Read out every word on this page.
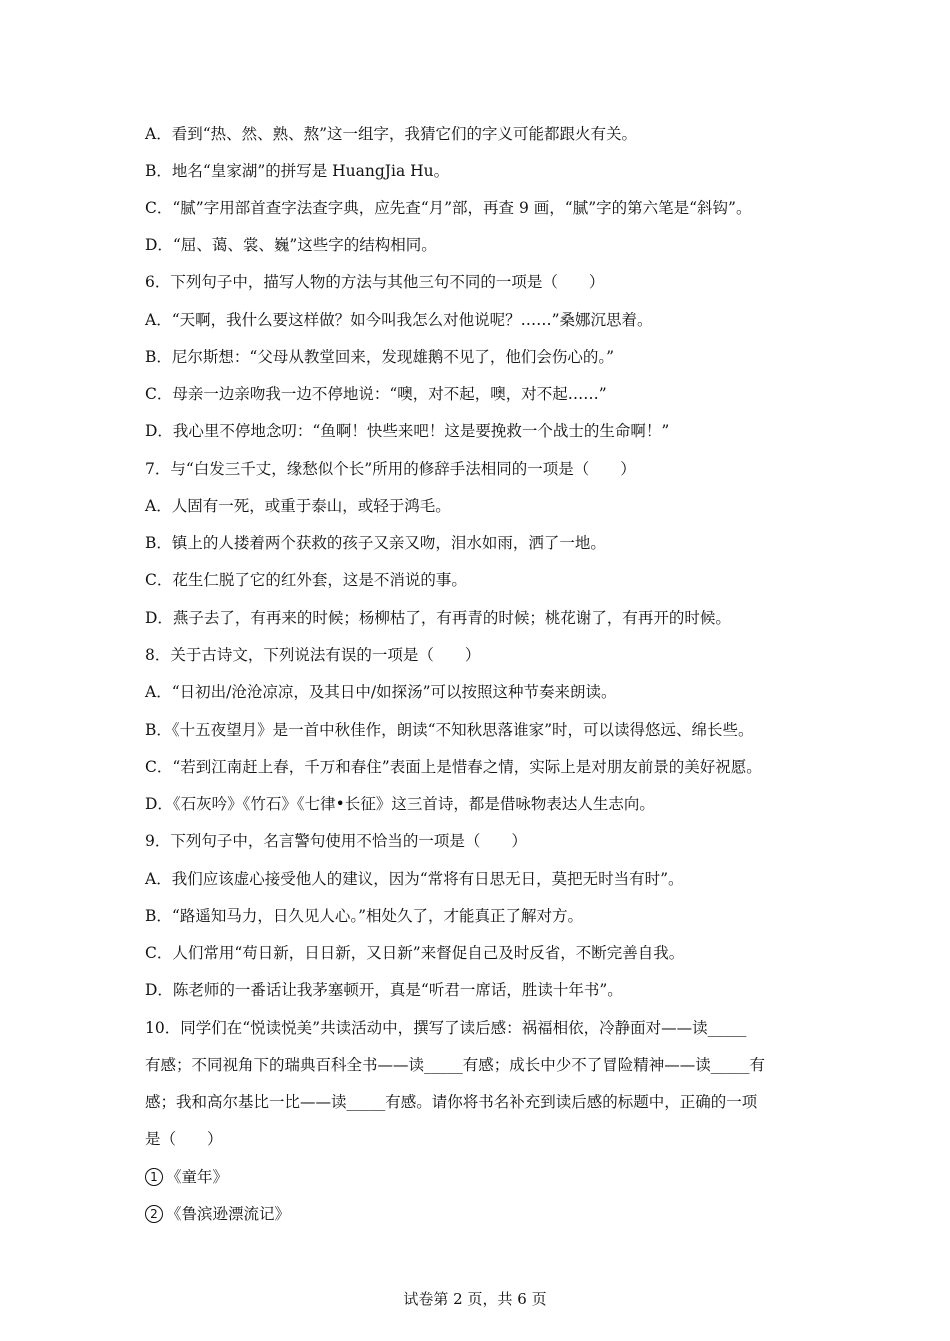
A．看到“热、然、熟、熬”这一组字，我猜它们的字义可能都跟火有关。
B．地名“皇家湖”的拼写是 HuangJia Hu。
C．“腻”字用部首查字法查字典，应先查“月”部，再查 9 画，“腻”字的第六笔是“斜钩”。
D．“屈、蔼、裳、巍”这些字的结构相同。
6．下列句子中，描写人物的方法与其他三句不同的一项是（　　）
A．“天啊，我什么要这样做？如今叫我怎么对他说呢？……”桑娜沉思着。
B．尼尔斯想：“父母从教堂回来，发现雄鹅不见了，他们会伤心的。”
C．母亲一边亲吻我一边不停地说：“噢，对不起，噢，对不起……”
D．我心里不停地念叨：“鱼啊！快些来吧！这是要挽救一个战士的生命啊！”
7．与“白发三千丈，缘愁似个长”所用的修辞手法相同的一项是（　　）
A．人固有一死，或重于泰山，或轻于鸿毛。
B．镇上的人搂着两个获救的孩子又亲又吻，泪水如雨，洒了一地。
C．花生仁脱了它的红外套，这是不消说的事。
D．燕子去了，有再来的时候；杨柳枯了，有再青的时候；桃花谢了，有再开的时候。
8．关于古诗文，下列说法有误的一项是（　　）
A．“日初出/沧沧凉凉，及其日中/如探汤”可以按照这种节奏来朗读。
B．《十五夜望月》是一首中秋佳作，朗读“不知秋思落谁家”时，可以读得悠远、绵长些。
C．“若到江南赶上春，千万和春住”表面上是惜春之情，实际上是对朋友前景的美好祝愿。
D．《石灰吟》《竹石》《七律•长征》这三首诗，都是借咏物表达人生志向。
9．下列句子中，名言警句使用不恰当的一项是（　　）
A．我们应该虚心接受他人的建议，因为“常将有日思无日，莫把无时当有时”。
B．“路遥知马力，日久见人心。”相处久了，才能真正了解对方。
C．人们常用“苟日新，日日新，又日新”来督促自己及时反省，不断完善自我。
D．陈老师的一番话让我茅塞顿开，真是“听君一席话，胜读十年书”。
10．同学们在“悦读悦美”共读活动中，撰写了读后感：祸福相依，冷静面对——读_____
有感；不同视角下的瑞典百科全书——读_____有感；成长中少不了冒险精神——读_____有
感；我和高尔基比一比——读_____有感。请你将书名补充到读后感的标题中，正确的一项
是（　　）
1 《童年》
2 《鲁滨逊漂流记》
试卷第 2 页，共 6 页
